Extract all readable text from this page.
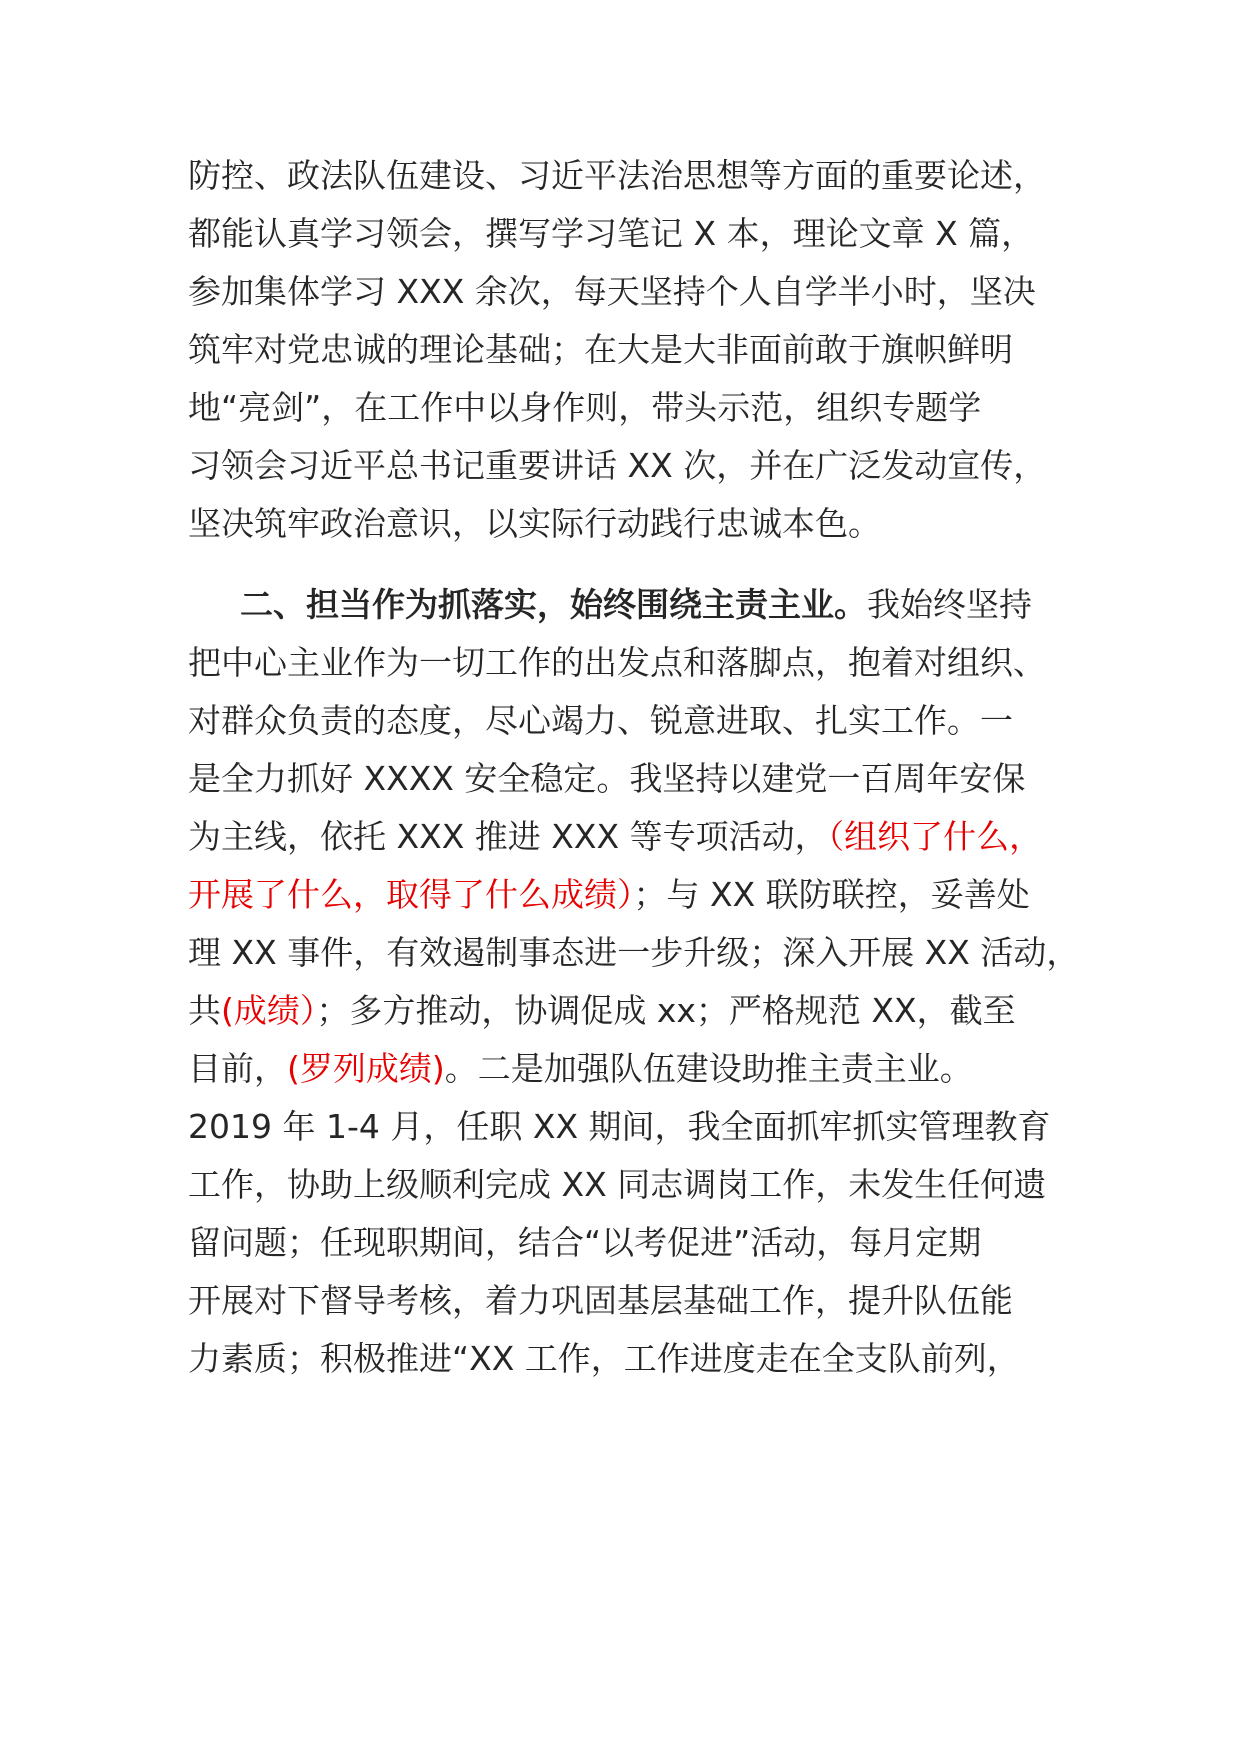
防控、政法队伍建设、习近平法治思想等方面的重要论述，
都能认真学习领会，撰写学习笔记 X 本，理论文章 X 篇，
参加集体学习 XXX 余次，每天坚持个人自学半小时，坚决
筑牢对党忠诚的理论基础；在大是大非面前敢于旗帜鲜明
地“亮剑”，在工作中以身作则，带头示范，组织专题学
习领会习近平总书记重要讲话 XX 次，并在广泛发动宣传，
坚决筑牢政治意识，以实际行动践行忠诚本色。
二、担当作为抓落实，始终围绕主责主业。我始终坚持
把中心主业作为一切工作的出发点和落脚点，抱着对组织、
对群众负责的态度，尽心竭力、锐意进取、扎实工作。一
是全力抓好 XXXX 安全稳定。我坚持以建党一百周年安保
为主线，依托 XXX 推进 XXX 等专项活动，（组织了什么，
开展了什么，取得了什么成绩）；与 XX 联防联控，妥善处
理 XX 事件，有效遏制事态进一步升级；深入开展 XX 活动，
共(成绩）；多方推动，协调促成 xx；严格规范 XX，截至
目前，(罗列成绩)。二是加强队伍建设助推主责主业。
2019 年 1-4 月，任职 XX 期间，我全面抓牢抓实管理教育
工作，协助上级顺利完成 XX 同志调岗工作，未发生任何遗
留问题；任现职期间，结合“以考促进”活动，每月定期
开展对下督导考核，着力巩固基层基础工作，提升队伍能
力素质；积极推进“XX 工作，工作进度走在全支队前列，
